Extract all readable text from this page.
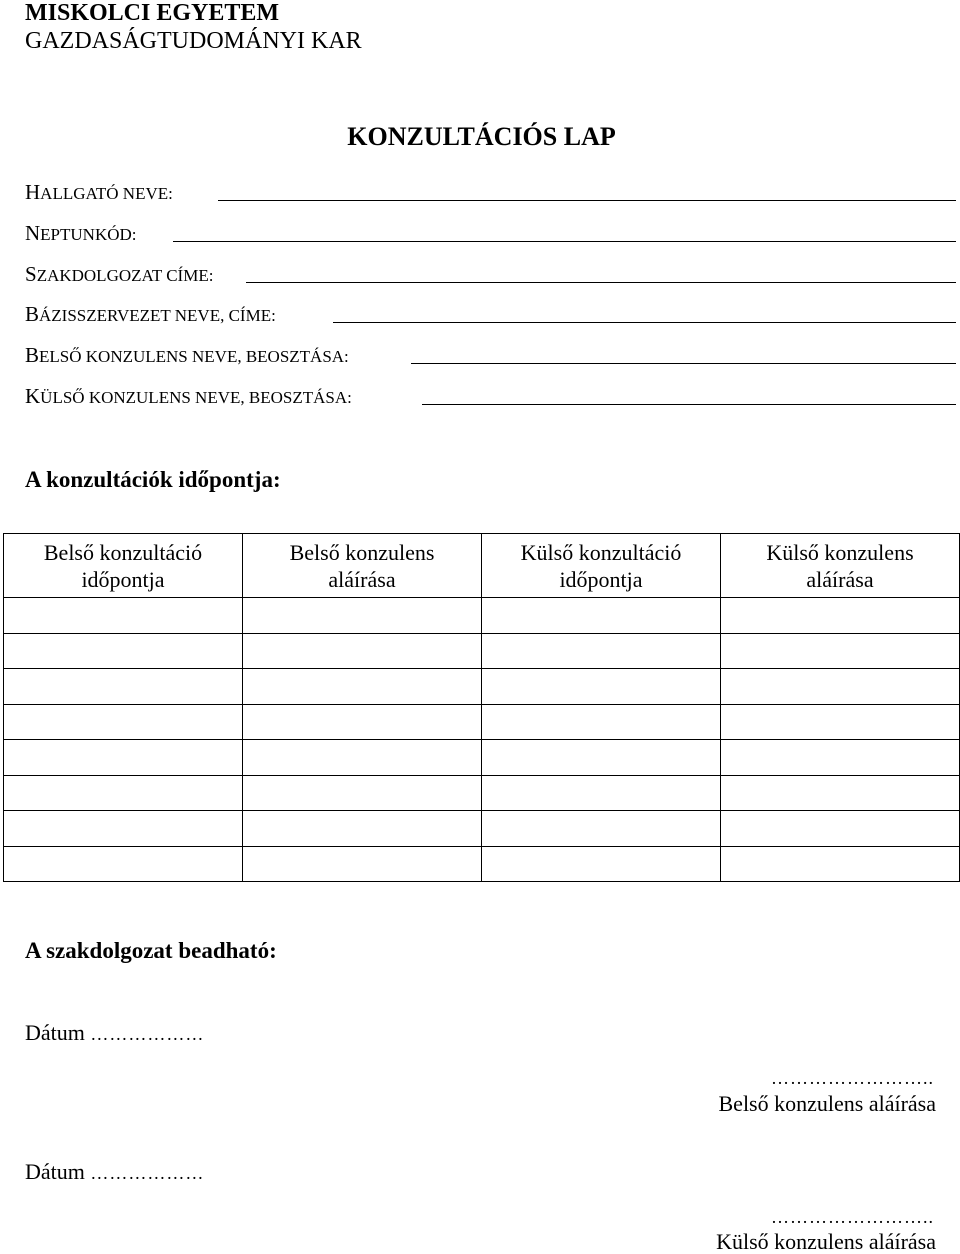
MISKOLCI EGYETEM
GAZDASÁGTUDOMÁNYI KAR
KONZULTÁCIÓS LAP
HALLGATÓ NEVE:
NEPTUNKÓD:
SZAKDOLGOZAT CÍME:
BÁZISSZERVEZET NEVE, CÍME:
BELSŐ KONZULENS NEVE, BEOSZTÁSA:
KÜLSŐ KONZULENS NEVE, BEOSZTÁSA:
A konzultációk időpontja:
Belső konzultáció
időpontja	Belső konzulens
aláírása	Külső konzultáció
időpontja	Külső konzulens
aláírása

A szakdolgozat beadható:
Dátum ………………
……………………..
Belső konzulens aláírása
Dátum ………………
……………………..
Külső konzulens aláírása
